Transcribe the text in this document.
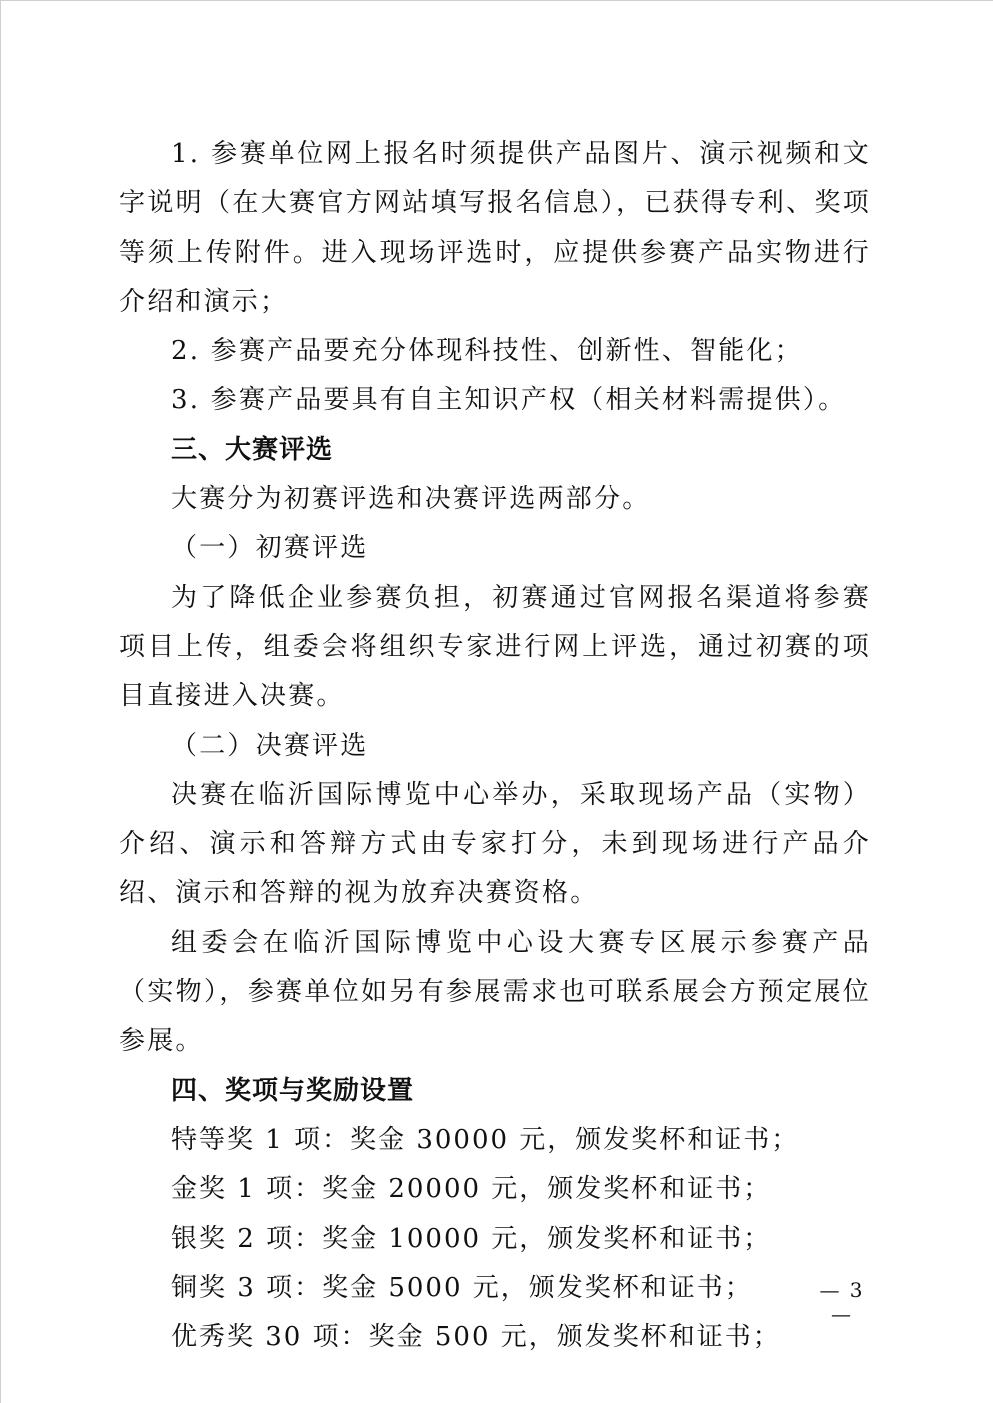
1. 参赛单位网上报名时须提供产品图片、演示视频和文字说明（在大赛官方网站填写报名信息），已获得专利、奖项等须上传附件。进入现场评选时，应提供参赛产品实物进行介绍和演示；

2. 参赛产品要充分体现科技性、创新性、智能化；

3. 参赛产品要具有自主知识产权（相关材料需提供）。

三、大赛评选

大赛分为初赛评选和决赛评选两部分。

（一）初赛评选

为了降低企业参赛负担，初赛通过官网报名渠道将参赛项目上传，组委会将组织专家进行网上评选，通过初赛的项目直接进入决赛。

（二）决赛评选

决赛在临沂国际博览中心举办，采取现场产品（实物）介绍、演示和答辩方式由专家打分，未到现场进行产品介绍、演示和答辩的视为放弃决赛资格。

组委会在临沂国际博览中心设大赛专区展示参赛产品（实物），参赛单位如另有参展需求也可联系展会方预定展位参展。

四、奖项与奖励设置

特等奖 1 项：奖金 30000 元，颁发奖杯和证书；

金奖 1 项：奖金 20000 元，颁发奖杯和证书；

银奖 2 项：奖金 10000 元，颁发奖杯和证书；

铜奖 3 项：奖金 5000 元，颁发奖杯和证书；

优秀奖 30 项：奖金 500 元，颁发奖杯和证书；

— 3 —
